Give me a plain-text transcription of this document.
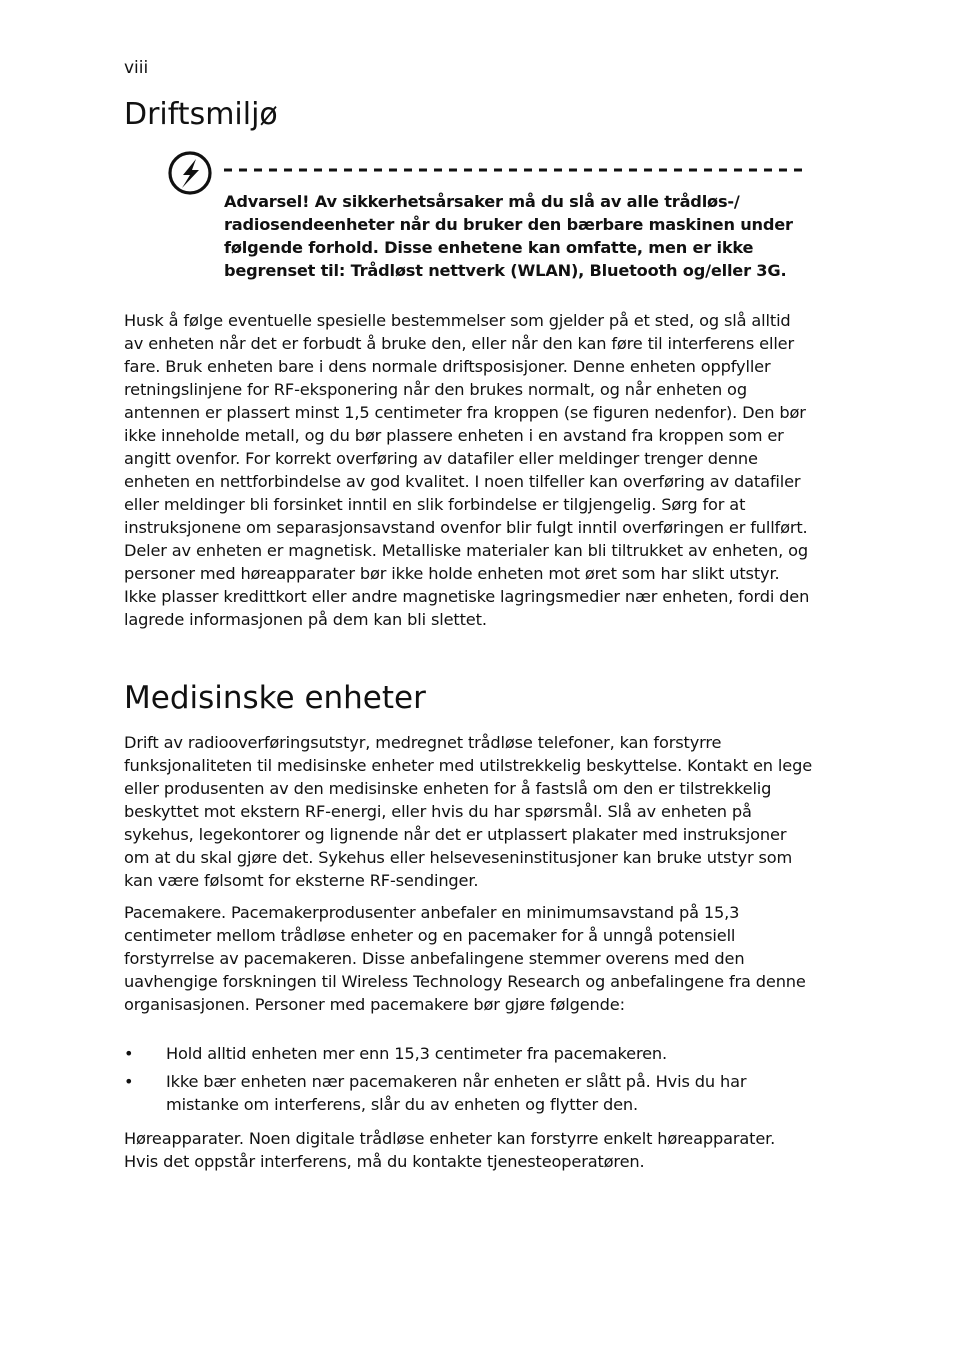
viii
Driftsmiljø
Advarsel! Av sikkerhetsårsaker må du slå av alle trådløs-/ radiosendeenheter når du bruker den bærbare maskinen under følgende forhold. Disse enhetene kan omfatte, men er ikke begrenset til: Trådløst nettverk (WLAN), Bluetooth og/eller 3G.

Husk å følge eventuelle spesielle bestemmelser som gjelder på et sted, og slå alltid av enheten når det er forbudt å bruke den, eller når den kan føre til interferens eller fare. Bruk enheten bare i dens normale driftsposisjoner. Denne enheten oppfyller retningslinjene for RF-eksponering når den brukes normalt, og når enheten og antennen er plassert minst 1,5 centimeter fra kroppen (se figuren nedenfor). Den bør ikke inneholde metall, og du bør plassere enheten i en avstand fra kroppen som er angitt ovenfor. For korrekt overføring av datafiler eller meldinger trenger denne enheten en nettforbindelse av god kvalitet. I noen tilfeller kan overføring av datafiler eller meldinger bli forsinket inntil en slik forbindelse er tilgjengelig. Sørg for at instruksjonene om separasjonsavstand ovenfor blir fulgt inntil overføringen er fullført. Deler av enheten er magnetisk. Metalliske materialer kan bli tiltrukket av enheten, og personer med høreapparater bør ikke holde enheten mot øret som har slikt utstyr. Ikke plasser kredittkort eller andre magnetiske lagringsmedier nær enheten, fordi den lagrede informasjonen på dem kan bli slettet.

Medisinske enheter

Drift av radiooverføringsutstyr, medregnet trådløse telefoner, kan forstyrre funksjonaliteten til medisinske enheter med utilstrekkelig beskyttelse. Kontakt en lege eller produsenten av den medisinske enheten for å fastslå om den er tilstrekkelig beskyttet mot ekstern RF-energi, eller hvis du har spørsmål. Slå av enheten på sykehus, legekontorer og lignende når det er utplassert plakater med instruksjoner om at du skal gjøre det. Sykehus eller helseveseninstitusjoner kan bruke utstyr som kan være følsomt for eksterne RF-sendinger.

Pacemakere. Pacemakerprodusenter anbefaler en minimumsavstand på 15,3 centimeter mellom trådløse enheter og en pacemaker for å unngå potensiell forstyrrelse av pacemakeren. Disse anbefalingene stemmer overens med den uavhengige forskningen til Wireless Technology Research og anbefalingene fra denne organisasjonen. Personer med pacemakere bør gjøre følgende:

• Hold alltid enheten mer enn 15,3 centimeter fra pacemakeren.
• Ikke bær enheten nær pacemakeren når enheten er slått på. Hvis du har mistanke om interferens, slår du av enheten og flytter den.

Høreapparater. Noen digitale trådløse enheter kan forstyrre enkelt høreapparater. Hvis det oppstår interferens, må du kontakte tjenesteoperatøren.
